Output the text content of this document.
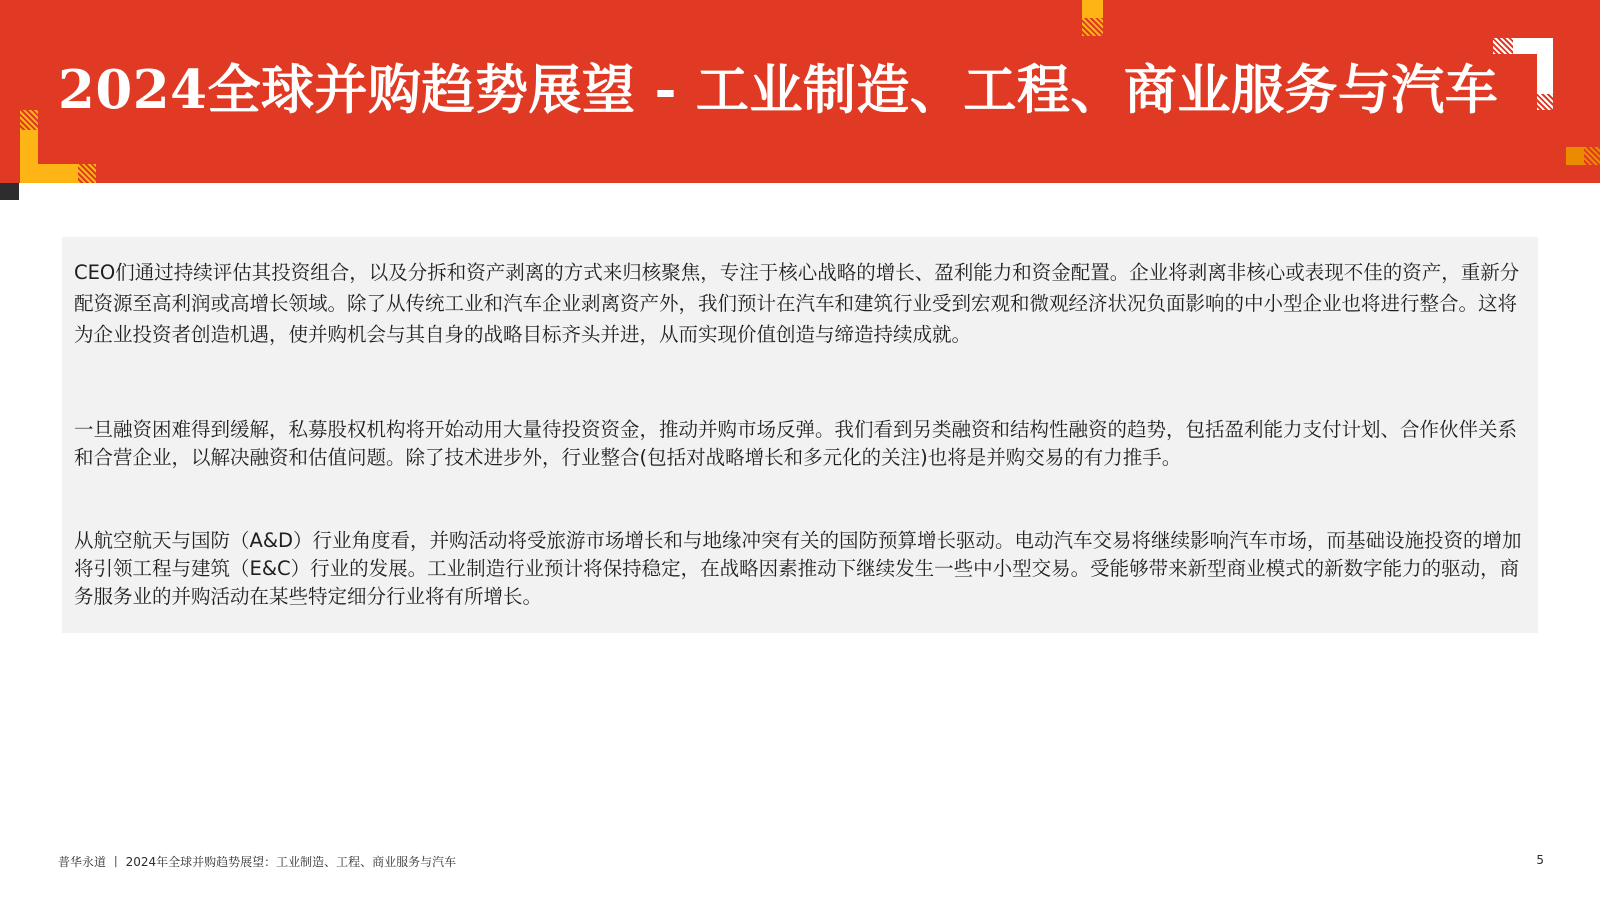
2024全球并购趋势展望 - 工业制造、工程、商业服务与汽车

CEO们通过持续评估其投资组合，以及分拆和资产剥离的方式来归核聚焦，专注于核心战略的增长、盈利能力和资金配置。企业将剥离非核心或表现不佳的资产，重新分配资源至高利润或高增长领域。除了从传统工业和汽车企业剥离资产外，我们预计在汽车和建筑行业受到宏观和微观经济状况负面影响的中小型企业也将进行整合。这将为企业投资者创造机遇，使并购机会与其自身的战略目标齐头并进，从而实现价值创造与缔造持续成就。

一旦融资困难得到缓解，私募股权机构将开始动用大量待投资资金，推动并购市场反弹。我们看到另类融资和结构性融资的趋势，包括盈利能力支付计划、合作伙伴关系和合营企业，以解决融资和估值问题。除了技术进步外，行业整合(包括对战略增长和多元化的关注)也将是并购交易的有力推手。

从航空航天与国防（A&D）行业角度看，并购活动将受旅游市场增长和与地缘冲突有关的国防预算增长驱动。电动汽车交易将继续影响汽车市场，而基础设施投资的增加将引领工程与建筑（E&C）行业的发展。工业制造行业预计将保持稳定，在战略因素推动下继续发生一些中小型交易。受能够带来新型商业模式的新数字能力的驱动，商务服务业的并购活动在某些特定细分行业将有所增长。

普华永道 丨 2024年全球并购趋势展望：工业制造、工程、商业服务与汽车	5
